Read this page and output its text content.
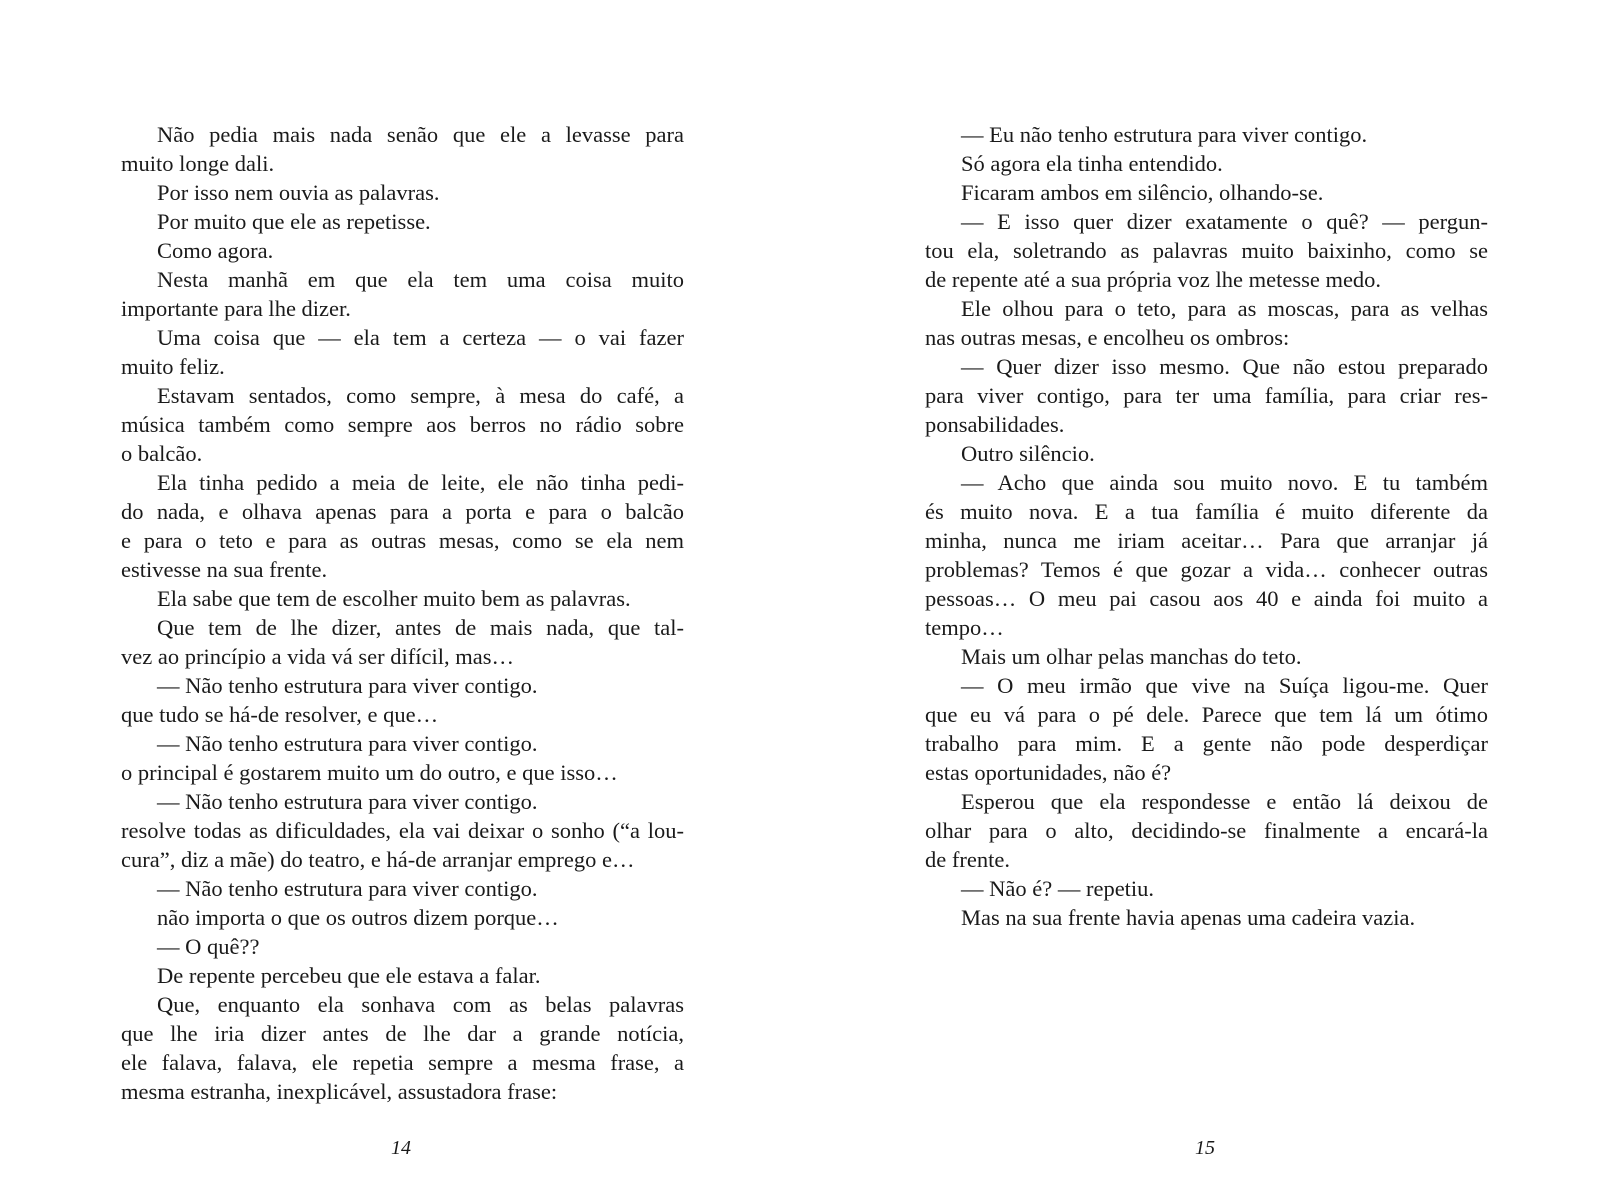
Não pedia mais nada senão que ele a levasse para
muito longe dali.
Por isso nem ouvia as palavras.
Por muito que ele as repetisse.
Como agora.
Nesta manhã em que ela tem uma coisa muito
importante para lhe dizer.
Uma coisa que — ela tem a certeza — o vai fazer
muito feliz.
Estavam sentados, como sempre, à mesa do café, a
música também como sempre aos berros no rádio sobre
o balcão.
Ela tinha pedido a meia de leite, ele não tinha pedi-
do nada, e olhava apenas para a porta e para o balcão
e para o teto e para as outras mesas, como se ela nem
estivesse na sua frente.
Ela sabe que tem de escolher muito bem as palavras.
Que tem de lhe dizer, antes de mais nada, que tal-
vez ao princípio a vida vá ser difícil, mas…
— Não tenho estrutura para viver contigo.
que tudo se há-de resolver, e que…
— Não tenho estrutura para viver contigo.
o principal é gostarem muito um do outro, e que isso…
— Não tenho estrutura para viver contigo.
resolve todas as dificuldades, ela vai deixar o sonho (“a lou-
cura”, diz a mãe) do teatro, e há-de arranjar emprego e…
— Não tenho estrutura para viver contigo.
não importa o que os outros dizem porque…
— O quê??
De repente percebeu que ele estava a falar.
Que, enquanto ela sonhava com as belas palavras
que lhe iria dizer antes de lhe dar a grande notícia,
ele falava, falava, ele repetia sempre a mesma frase, a
mesma estranha, inexplicável, assustadora frase:
14
— Eu não tenho estrutura para viver contigo.
Só agora ela tinha entendido.
Ficaram ambos em silêncio, olhando-se.
— E isso quer dizer exatamente o quê? — pergun-
tou ela, soletrando as palavras muito baixinho, como se
de repente até a sua própria voz lhe metesse medo.
Ele olhou para o teto, para as moscas, para as velhas
nas outras mesas, e encolheu os ombros:
— Quer dizer isso mesmo. Que não estou preparado
para viver contigo, para ter uma família, para criar res-
ponsabilidades.
Outro silêncio.
— Acho que ainda sou muito novo. E tu também
és muito nova. E a tua família é muito diferente da
minha, nunca me iriam aceitar… Para que arranjar já
problemas? Temos é que gozar a vida… conhecer outras
pessoas… O meu pai casou aos 40 e ainda foi muito a
tempo…
Mais um olhar pelas manchas do teto.
— O meu irmão que vive na Suíça ligou-me. Quer
que eu vá para o pé dele. Parece que tem lá um ótimo
trabalho para mim. E a gente não pode desperdiçar
estas oportunidades, não é?
Esperou que ela respondesse e então lá deixou de
olhar para o alto, decidindo-se finalmente a encará-la
de frente.
— Não é? — repetiu.
Mas na sua frente havia apenas uma cadeira vazia.
15
